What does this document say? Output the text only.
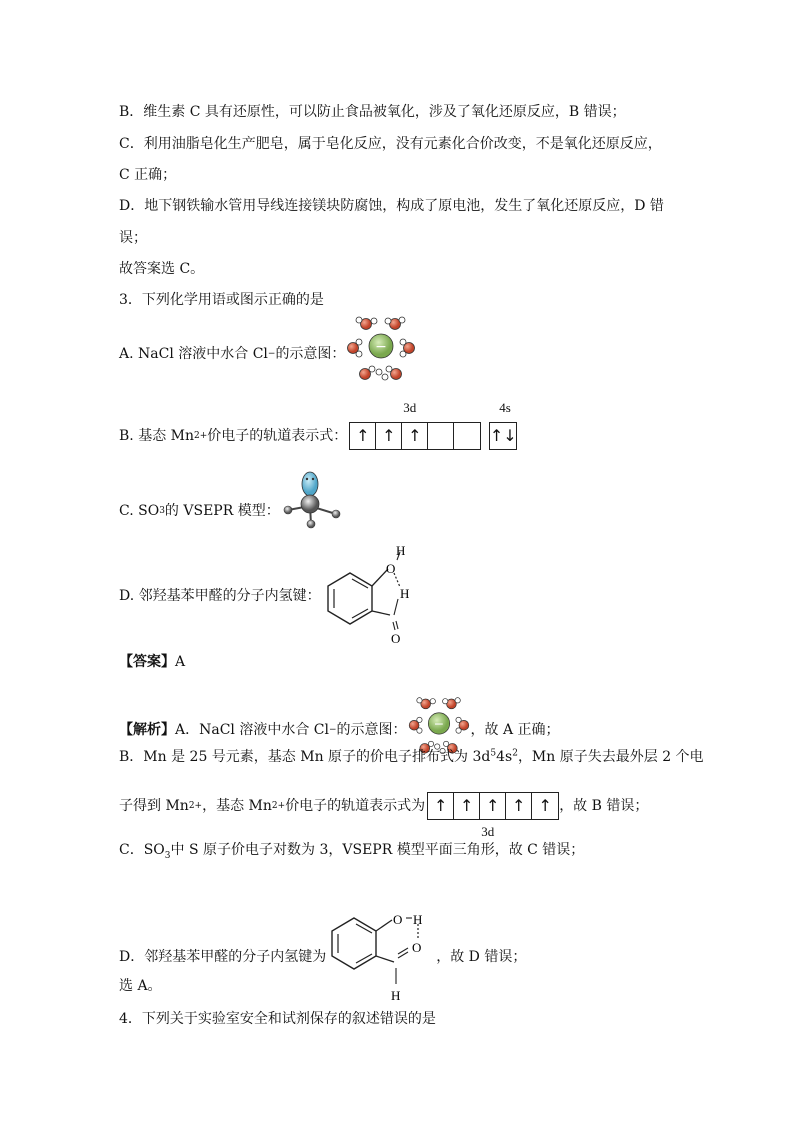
B．维生素 C 具有还原性，可以防止食品被氧化，涉及了氧化还原反应，B 错误；
C．利用油脂皂化生产肥皂，属于皂化反应，没有元素化合价改变，不是氧化还原反应，
C 正确；
D．地下钢铁输水管用导线连接镁块防腐蚀，构成了原电池，发生了氧化还原反应，D 错
误；
故答案选 C。
3．下列化学用语或图示正确的是
A. NaCl 溶液中水合 Cl − 的示意图： −
B. 基态 Mn 2+ 价电子的轨道表示式：
3d	4s
↑ ↑ ↑	↑↓
C. SO 3 的 VSEPR 模型：
D. 邻羟基苯甲醛的分子内氢键：
H
O
H
O
【答案】A
【解析】 A．NaCl 溶液中水合 Cl − 的示意图： − ，故 A 正确；
B．Mn 是 25 号元素，基态 Mn 原子的价电子排布式为 $3d^54s^2$，Mn 原子失去最外层 2 个电
子得到 Mn 2+ ，基态 Mn 2+ 价电子的轨道表示式为 ↑ ↑ ↑ ↑ ↑
3d
，故 B 错误；
C．$SO_3$中 S 原子价电子对数为 3，VSEPR 模型平面三角形，故 C 错误；
D．邻羟基苯甲醛的分子内氢键为
O H
O
H
，故 D 错误；
选 A。
4．下列关于实验室安全和试剂保存的叙述错误的是
